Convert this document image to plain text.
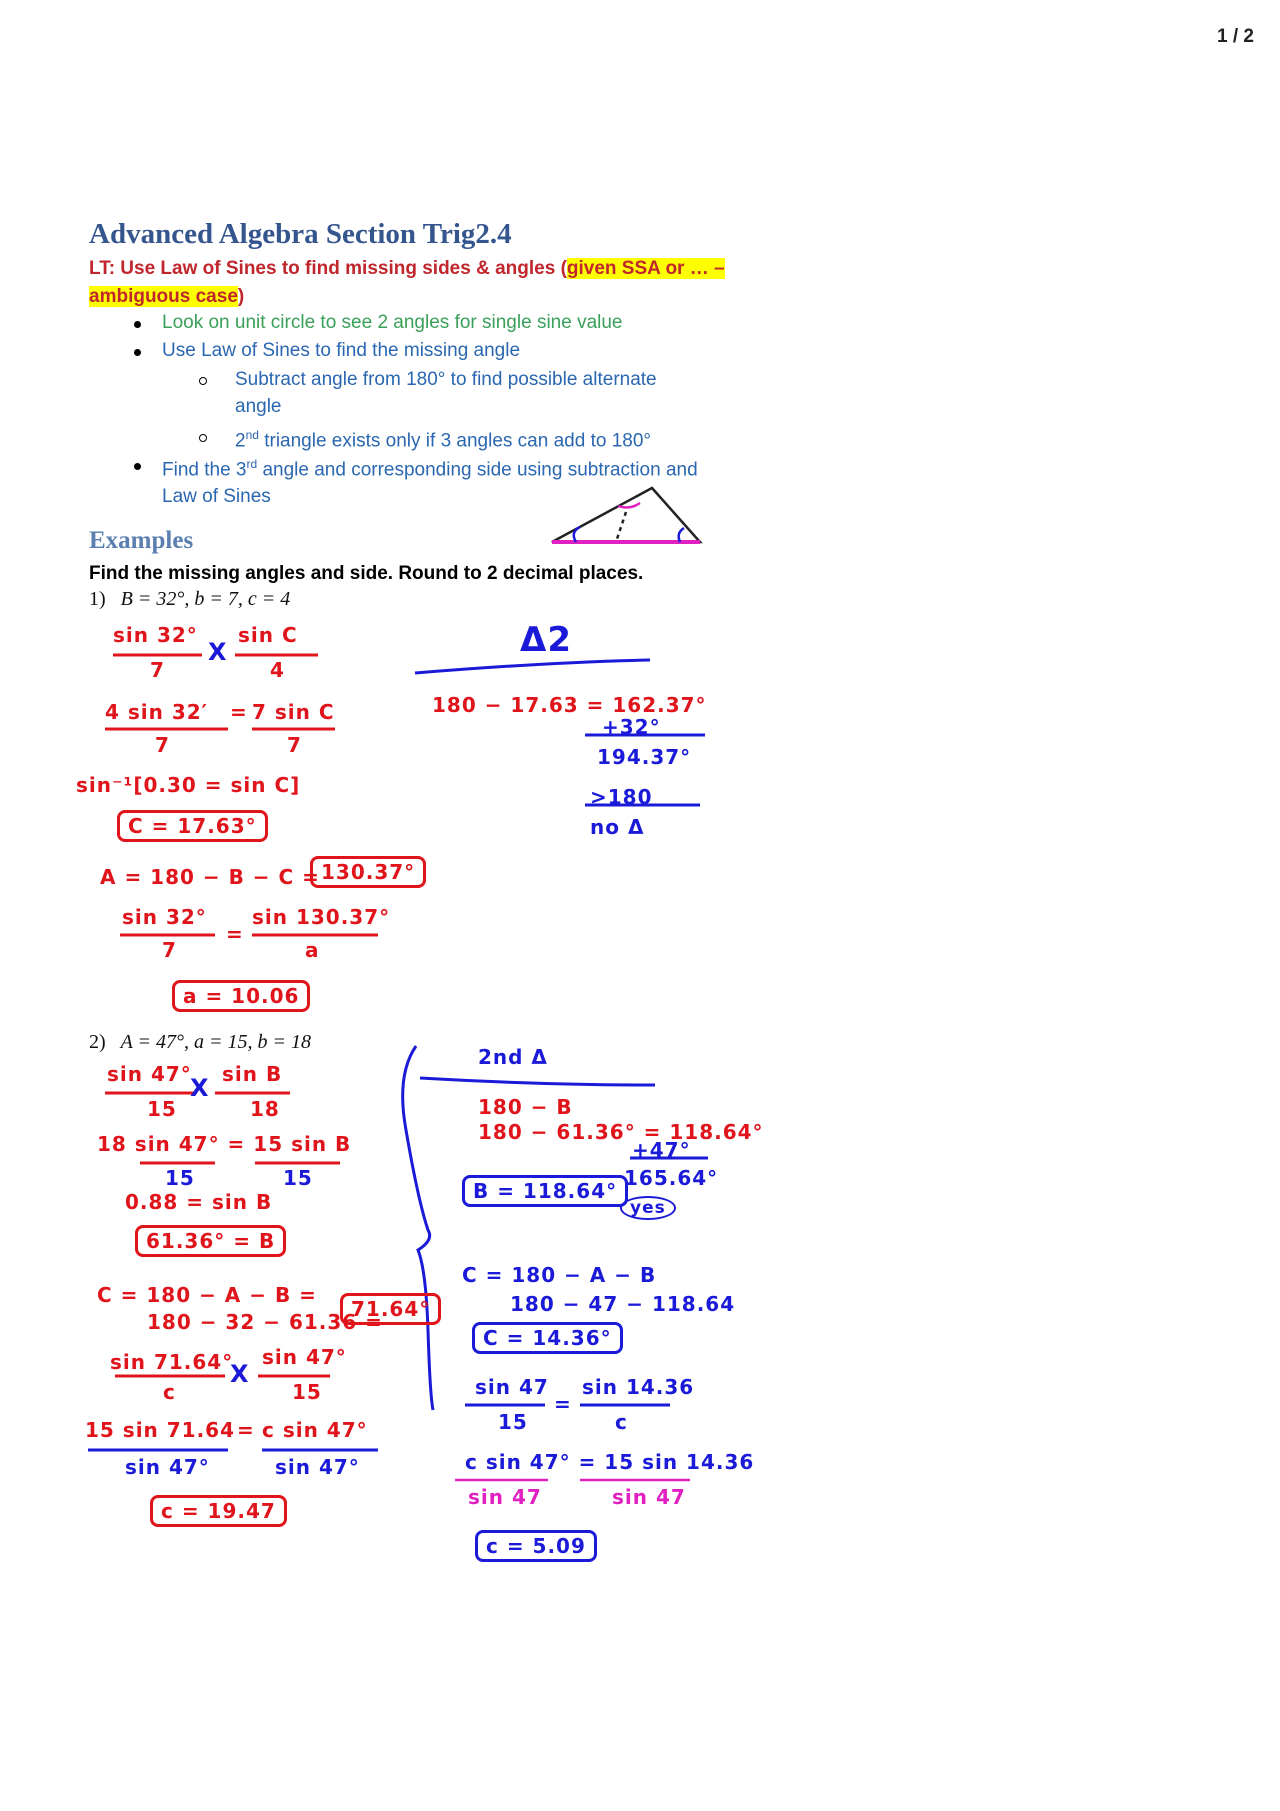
1 / 2
Advanced Algebra Section Trig2.4
LT: Use Law of Sines to find missing sides & angles (given SSA or … –
ambiguous case)
Look on unit circle to see 2 angles for single sine value
Use Law of Sines to find the missing angle
Subtract angle from 180° to find possible alternate
angle
2nd triangle exists only if 3 angles can add to 180°
Find the 3rd angle and corresponding side using subtraction and
Law of Sines
Examples
Find the missing angles and side. Round to 2 decimal places.
1) B = 32°, b = 7, c = 4
2) A = 47°, a = 15, b = 18
sin 32°
7
X
sin C
4
4 sin 32′ = 7 sin C
7	7
sin⁻¹[0.30 = sin C]
C = 17.63°
A = 180 − B − C = 130.37°
sin 32°
7
=
sin 130.37°
a
a = 10.06
Δ2
180 − 17.63 = 162.37°
+32°
194.37°
>180
no Δ
sin 47°
15
X sin B
18
18 sin 47° = 15 sin B
15	15
0.88 = sin B
61.36° = B
C = 180 − A − B =
180 − 32 − 61.36 =
71.64°
sin 71.64°
c
X
sin 47°
15
15 sin 71.64 = c sin 47°
sin 47°	sin 47°
c = 19.47
2nd Δ
180 − B
180 − 61.36° = 118.64°
+47°
165.64°
B = 118.64°
yes
C = 180 − A − B
180 − 47 − 118.64
C = 14.36°
sin 47
15
=
sin 14.36
c
c sin 47° = 15 sin 14.36
sin 47	sin 47
c = 5.09
